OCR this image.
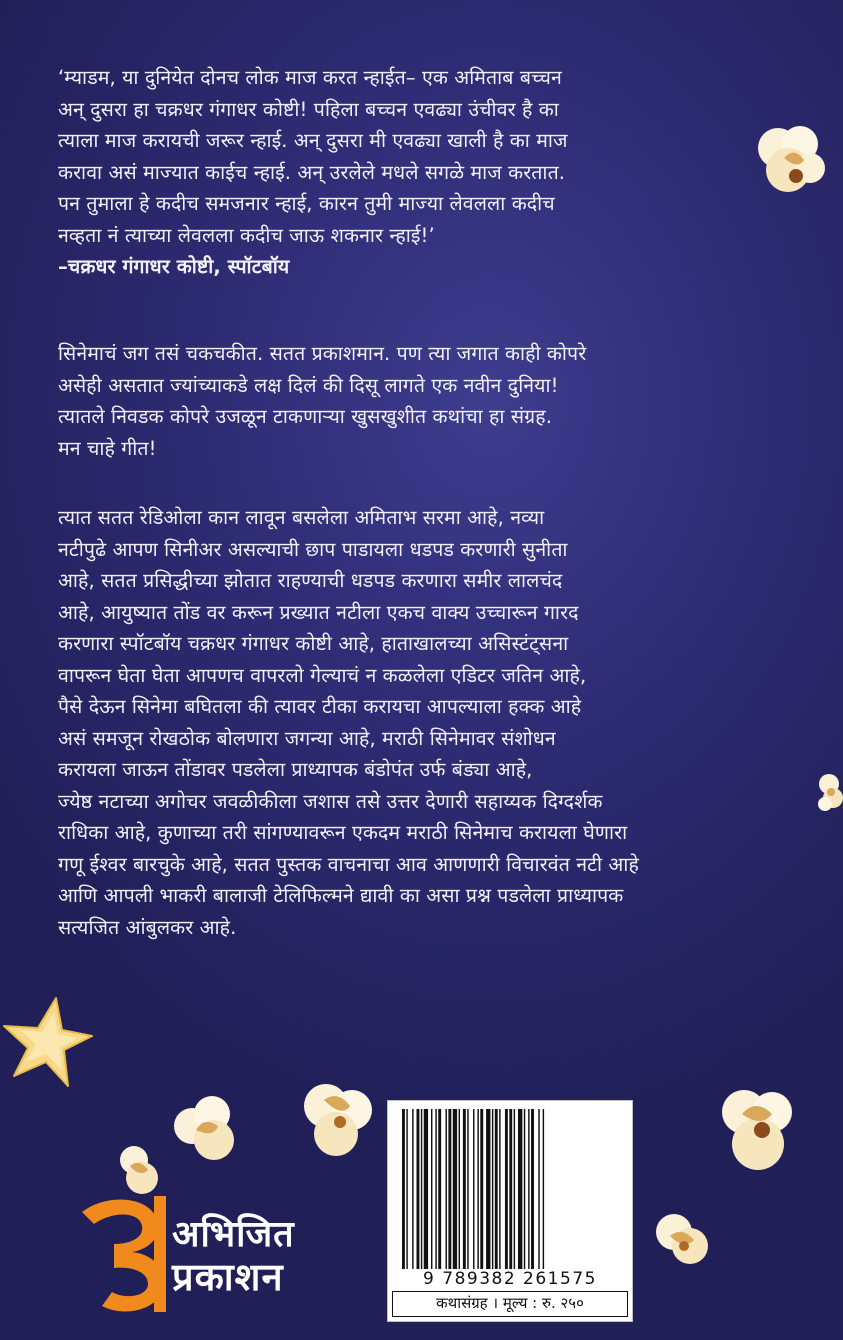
‘म्याडम, या दुनियेत दोनच लोक माज करत न्हाईत– एक अमिताब बच्चन

अन् दुसरा हा चक्रधर गंगाधर कोष्टी! पहिला बच्चन एवढ्या उंचीवर है का

त्याला माज करायची जरूर न्हाई. अन् दुसरा मी एवढ्या खाली है का माज

करावा असं माज्यात काईच न्हाई. अन् उरलेले मधले सगळे माज करतात.

पन तुमाला हे कदीच समजनार न्हाई, कारन तुमी माज्या लेवलला कदीच

नव्हता नं त्याच्या लेवलला कदीच जाऊ शकनार न्हाई!’

–चक्रधर गंगाधर कोष्टी, स्पॉटबॉय

सिनेमाचं जग तसं चकचकीत. सतत प्रकाशमान. पण त्या जगात काही कोपरे

असेही असतात ज्यांच्याकडे लक्ष दिलं की दिसू लागते एक नवीन दुनिया!

त्यातले निवडक कोपरे उजळून टाकणाऱ्या खुसखुशीत कथांचा हा संग्रह.

मन चाहे गीत!

त्यात सतत रेडिओला कान लावून बसलेला अमिताभ सरमा आहे, नव्या

नटीपुढे आपण सिनीअर असल्याची छाप पाडायला धडपड करणारी सुनीता

आहे, सतत प्रसिद्धीच्या झोतात राहण्याची धडपड करणारा समीर लालचंद

आहे, आयुष्यात तोंड वर करून प्रख्यात नटीला एकच वाक्य उच्चारून गारद

करणारा स्पॉटबॉय चक्रधर गंगाधर कोष्टी आहे, हाताखालच्या असिस्टंट्सना

वापरून घेता घेता आपणच वापरलो गेल्याचं न कळलेला एडिटर जतिन आहे,

पैसे देऊन सिनेमा बघितला की त्यावर टीका करायचा आपल्याला हक्क आहे

असं समजून रोखठोक बोलणारा जगन्या आहे, मराठी सिनेमावर संशोधन

करायला जाऊन तोंडावर पडलेला प्राध्यापक बंडोपंत उर्फ बंड्या आहे,

ज्येष्ठ नटाच्या अगोचर जवळीकीला जशास तसे उत्तर देणारी सहाय्यक दिग्दर्शक

राधिका आहे, कुणाच्या तरी सांगण्यावरून एकदम मराठी सिनेमाच करायला घेणारा

गणू ईश्वर बारचुके आहे, सतत पुस्तक वाचनाचा आव आणणारी विचारवंत नटी आहे

आणि आपली भाकरी बालाजी टेलिफिल्मने द्यावी का असा प्रश्न पडलेला प्राध्यापक

सत्यजित आंबुलकर आहे.

9 789382 261575
कथासंग्रह । मूल्य : रु. २५०
अभिजित
प्रकाशन
